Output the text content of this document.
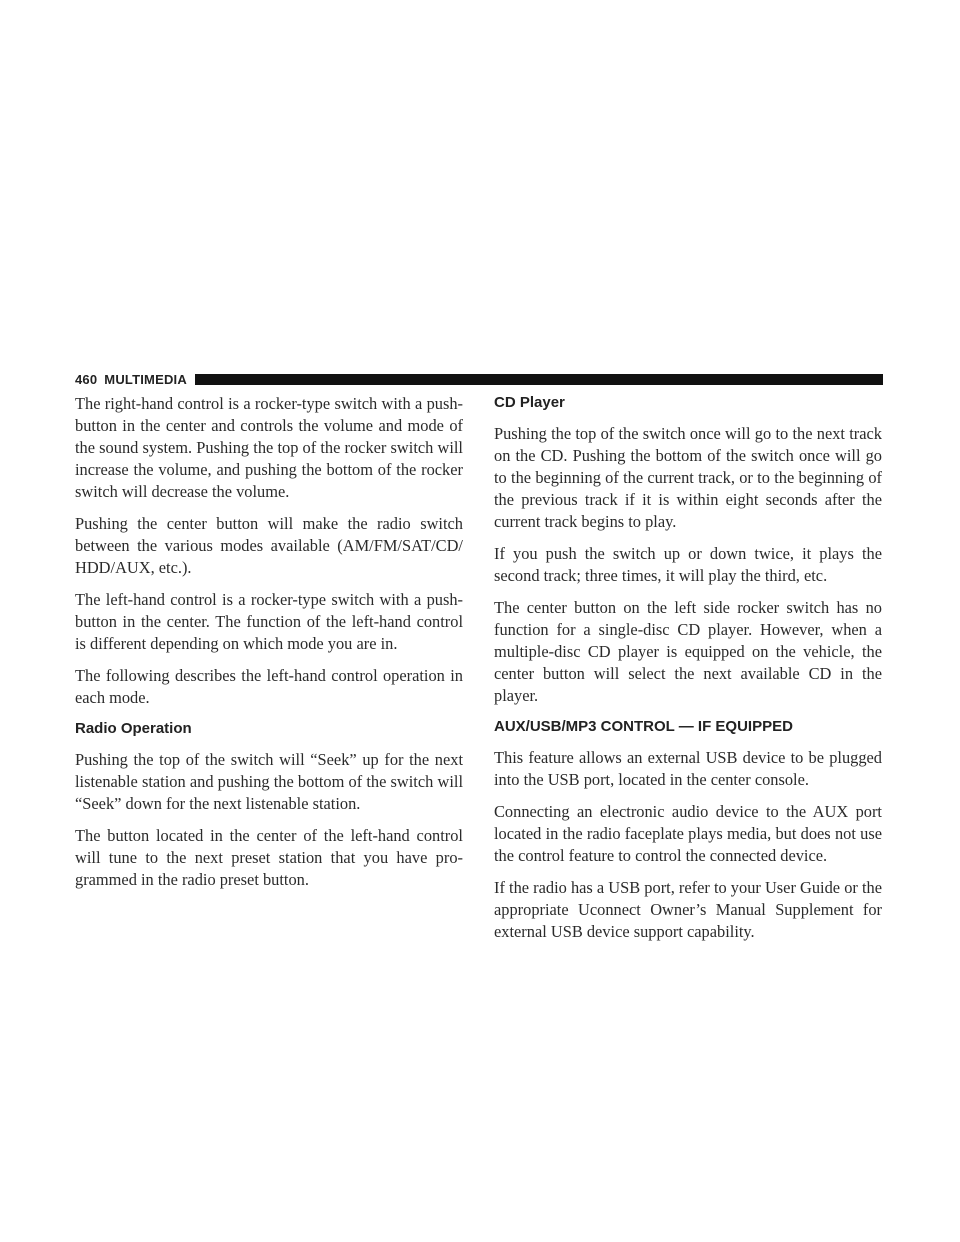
460 MULTIMEDIA

The right-hand control is a rocker-type switch with a push-button in the center and controls the volume and mode of the sound system. Pushing the top of the rocker switch will increase the volume, and pushing the bottom of the rocker switch will decrease the volume.

Pushing the center button will make the radio switch between the various modes available (AM/FM/SAT/CD/ HDD/AUX, etc.).

The left-hand control is a rocker-type switch with a push-button in the center. The function of the left-hand control is different depending on which mode you are in.

The following describes the left-hand control operation in each mode.

Radio Operation

Pushing the top of the switch will “Seek” up for the next listenable station and pushing the bottom of the switch will “Seek” down for the next listenable station.

The button located in the center of the left-hand control will tune to the next preset station that you have pro-grammed in the radio preset button.

CD Player

Pushing the top of the switch once will go to the next track on the CD. Pushing the bottom of the switch once will go to the beginning of the current track, or to the beginning of the previous track if it is within eight seconds after the current track begins to play.

If you push the switch up or down twice, it plays the second track; three times, it will play the third, etc.

The center button on the left side rocker switch has no function for a single-disc CD player. However, when a multiple-disc CD player is equipped on the vehicle, the center button will select the next available CD in the player.

AUX/USB/MP3 CONTROL — IF EQUIPPED

This feature allows an external USB device to be plugged into the USB port, located in the center console.

Connecting an electronic audio device to the AUX port located in the radio faceplate plays media, but does not use the control feature to control the connected device.

If the radio has a USB port, refer to your User Guide or the appropriate Uconnect Owner’s Manual Supplement for external USB device support capability.
